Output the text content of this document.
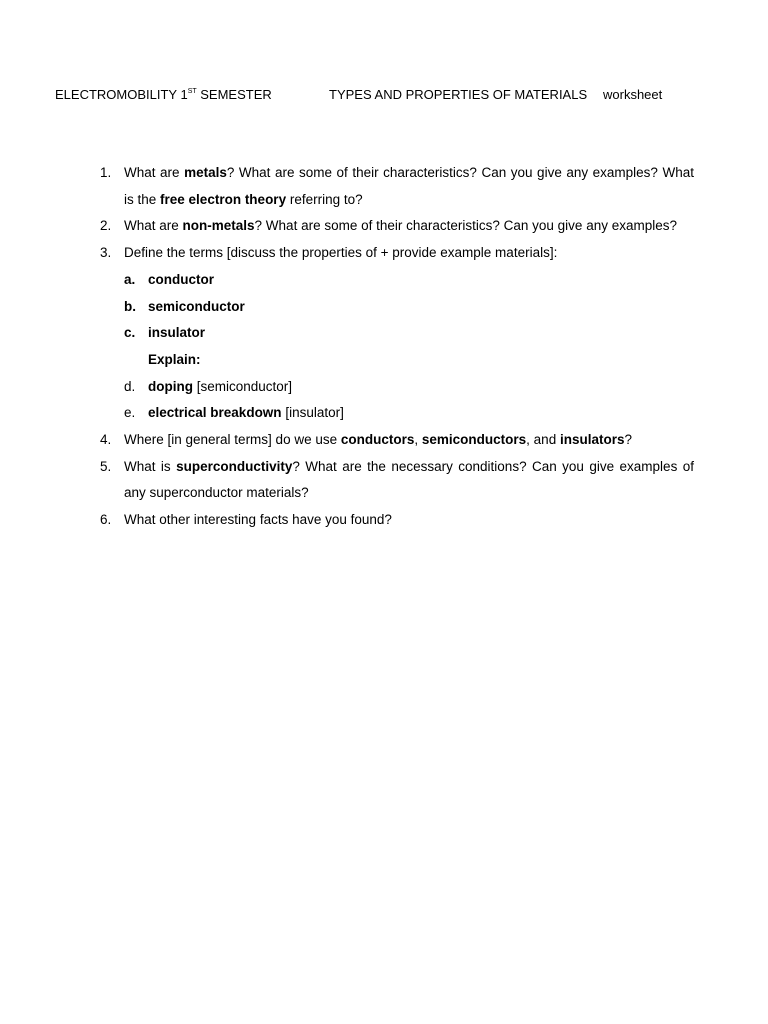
ELECTROMOBILITY 1ST SEMESTER	TYPES AND PROPERTIES OF MATERIALS worksheet
1. What are metals? What are some of their characteristics? Can you give any examples? What is the free electron theory referring to?
2. What are non-metals? What are some of their characteristics? Can you give any examples?
3. Define the terms [discuss the properties of + provide example materials]:
a. conductor
b. semiconductor
c. insulator
Explain:
d. doping [semiconductor]
e. electrical breakdown [insulator]
4. Where [in general terms] do we use conductors, semiconductors, and insulators?
5. What is superconductivity? What are the necessary conditions? Can you give examples of any superconductor materials?
6. What other interesting facts have you found?
